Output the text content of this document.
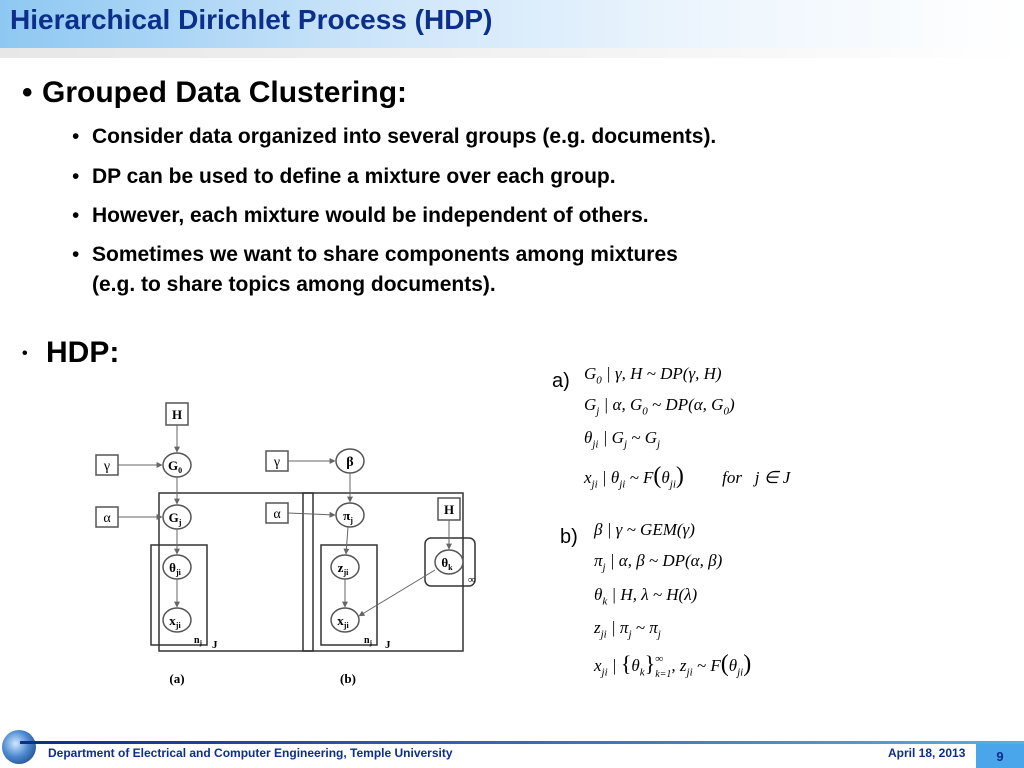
Hierarchical Dirichlet Process (HDP)
• Grouped Data Clustering:
• Consider data organized into several groups (e.g. documents).
• DP can be used to define a mixture over each group.
• However, each mixture would be independent of others.
• Sometimes we want to share components among mixtures
(e.g. to share topics among documents).
• HDP:
a) $G_0$ | γ, H ~ DP(γ, H)
$G_j$ | α, $G_0$ ~ DP(α, $G_0$)
$\theta_{ji}$ | $G_j$ ~ $G_j$
$x_{ji}$ | $\theta_{ji}$ ~ $F(\theta_{ji})$         for   j ∈ J
b) β | γ ~ GEM(γ)
$\pi_j$ | α, β ~ DP(α, β)
$\theta_k$ | H, λ ~ H(λ)
$z_{ji}$ | $\pi_j$ ~ $\pi_j$
$x_{ji}$ | $\{\theta_k\}^\infty$
k=1, $z_{ji}$ ~ $F(\theta_{ji})$
H
γ	$G_0$
α	$G_j$
$\theta_{ji}$
$x_{ji}$
$n_j$ J
(a)
γ	β
α	$\pi_j$
$z_{ji}$
$x_{ji}$
H
$\theta_k$
∞
$n_j$ J
(b)
Department of Electrical and Computer Engineering, Temple University	April 18, 2013 9
